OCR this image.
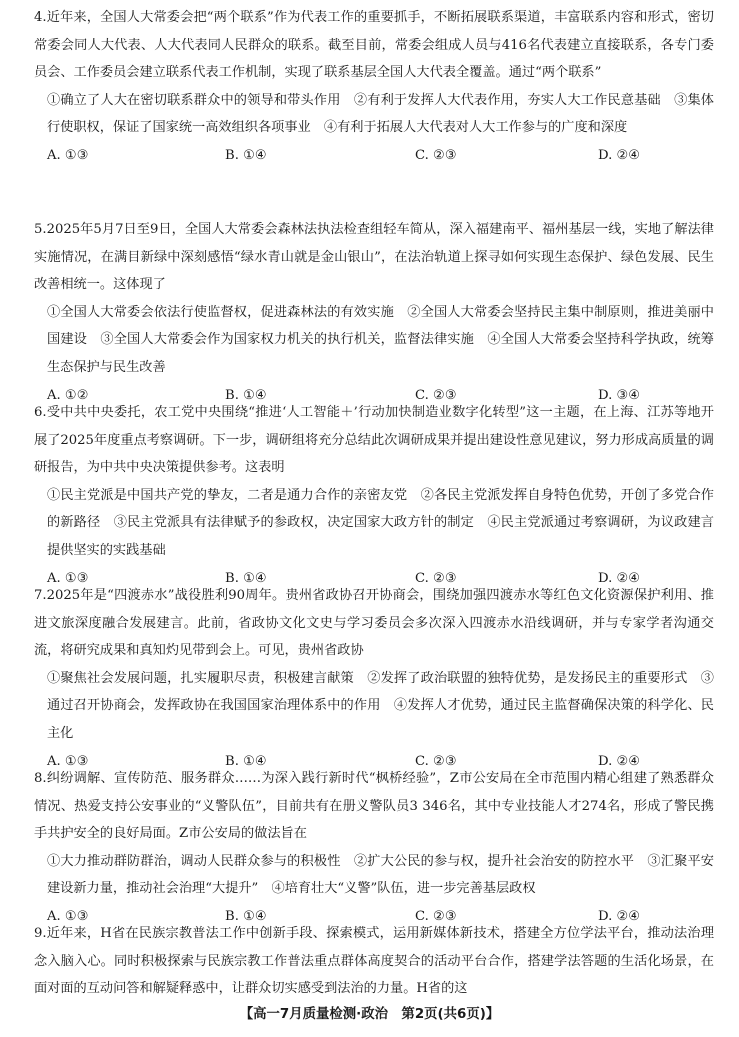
4.近年来，全国人大常委会把“两个联系”作为代表工作的重要抓手，不断拓展联系渠道，丰富联系内容和形式，密切常委会同人大代表、人大代表同人民群众的联系。截至目前，常委会组成人员与416名代表建立直接联系，各专门委员会、工作委员会建立联系代表工作机制，实现了联系基层全国人大代表全覆盖。通过“两个联系”

①确立了人大在密切联系群众中的领导和带头作用　②有利于发挥人大代表作用，夯实人大工作民意基础　③集体行使职权，保证了国家统一高效组织各项事业　④有利于拓展人大代表对人大工作参与的广度和深度

A. ①③	B. ①④	C. ②③	D. ②④

5.2025年5月7日至9日，全国人大常委会森林法执法检查组轻车简从，深入福建南平、福州基层一线，实地了解法律实施情况，在满目新绿中深刻感悟“绿水青山就是金山银山”，在法治轨道上探寻如何实现生态保护、绿色发展、民生改善相统一。这体现了

①全国人大常委会依法行使监督权，促进森林法的有效实施　②全国人大常委会坚持民主集中制原则，推进美丽中国建设　③全国人大常委会作为国家权力机关的执行机关，监督法律实施　④全国人大常委会坚持科学执政，统筹生态保护与民生改善

A. ①②	B. ①④	C. ②③	D. ③④

6.受中共中央委托，农工党中央围绕“推进‘人工智能＋’行动加快制造业数字化转型”这一主题，在上海、江苏等地开展了2025年度重点考察调研。下一步，调研组将充分总结此次调研成果并提出建设性意见建议，努力形成高质量的调研报告，为中共中央决策提供参考。这表明

①民主党派是中国共产党的挚友，二者是通力合作的亲密友党　②各民主党派发挥自身特色优势，开创了多党合作的新路径　③民主党派具有法律赋予的参政权，决定国家大政方针的制定　④民主党派通过考察调研，为议政建言提供坚实的实践基础

A. ①③	B. ①④	C. ②③	D. ②④

7.2025年是“四渡赤水”战役胜利90周年。贵州省政协召开协商会，围绕加强四渡赤水等红色文化资源保护利用、推进文旅深度融合发展建言。此前，省政协文化文史与学习委员会多次深入四渡赤水沿线调研，并与专家学者沟通交流，将研究成果和真知灼见带到会上。可见，贵州省政协

①聚焦社会发展问题，扎实履职尽责，积极建言献策　②发挥了政治联盟的独特优势，是发扬民主的重要形式　③通过召开协商会，发挥政协在我国国家治理体系中的作用　④发挥人才优势，通过民主监督确保决策的科学化、民主化

A. ①③	B. ①④	C. ②③	D. ②④

8.纠纷调解、宣传防范、服务群众……为深入践行新时代“枫桥经验”，Z市公安局在全市范围内精心组建了熟悉群众情况、热爱支持公安事业的“义警队伍”，目前共有在册义警队员3 346名，其中专业技能人才274名，形成了警民携手共护安全的良好局面。Z市公安局的做法旨在

①大力推动群防群治，调动人民群众参与的积极性　②扩大公民的参与权，提升社会治安的防控水平　③汇聚平安建设新力量，推动社会治理“大提升”　④培育壮大“义警”队伍，进一步完善基层政权

A. ①③	B. ①④	C. ②③	D. ②④

9.近年来，H省在民族宗教普法工作中创新手段、探索模式，运用新媒体新技术，搭建全方位学法平台，推动法治理念入脑入心。同时积极探索与民族宗教工作普法重点群体高度契合的活动平台合作，搭建学法答题的生活化场景，在面对面的互动问答和解疑释惑中，让群众切实感受到法治的力量。H省的这

【高一7月质量检测·政治　第2页(共6页)】
